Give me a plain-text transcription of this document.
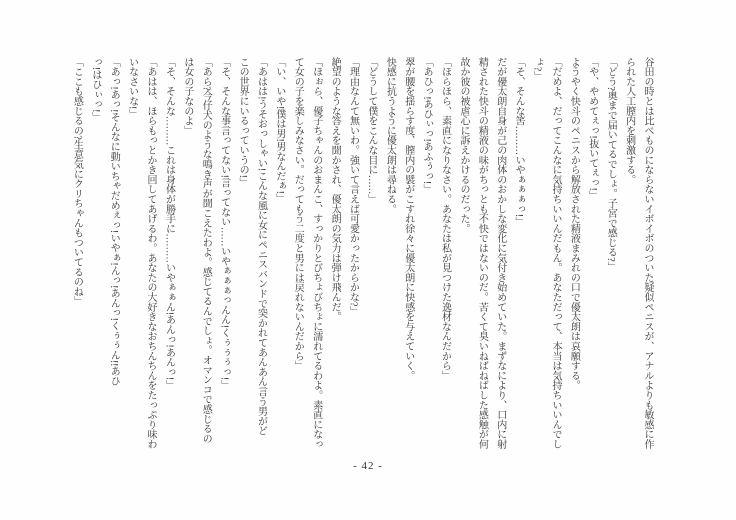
谷田の時とは比べものにならないイボイボのついた疑似ペニスが、アナルよりも敏感に作
られた人工膣内を刺激する。
「どう?奥まで届いてるでしょ。子宮で感じる?」
「や、やめてぇっ!抜いてぇっ!」
ようやく快斗のペニスから解放された精液まみれの口で優太朗は哀願する。
「だめよ、だってこんなに気持ちいいんだもん。あなただって、本当は気持ちいいんでし
ょ?」
「そ、そんな筈………いやぁぁぁっ!」
だが優太朗自身が己の肉体のおかしな変化に気付き始めていた。まずなにより、口内に射
精された快斗の精液の味がちっとも不快ではないのだ。苦くて臭いねばねばした感触が何
故か彼の被虐心に訴えかけるのだった。
「ほらほら、素直になりなさい。あなたは私が見つけた逸材なんだから」
「あひっ!あひぃっ!あふぅっ!」
翠が腰を揺らす度、膣内の襞がこすれ徐々に優太朗に快感を与えていく。
快感に抗うように優太朗は尋ねる。
「どうして僕をこんな目に……」
「理由なんて無いわ。強いて言えば可愛かったからかな?」
絶望のような答えを聞かされ、優太朗の気力は弾け飛んだ。
「ほぉら、優子ちゃんのおまんこ、すっかりとびちょびちょに濡れてるわよ。素直になっ
て女の子を楽しみなさい。だってもう二度と男には戻れないんだから」
「い、いや!僕は男!男なんだぁ!」
「あはは!うそおっしゃい!こんな風に女にペニスバンドで突かれてあんあん言う男がど
この世界にいるっていうの!」
「そ、そんな事言ってない!言ってない……いやぁぁぁっんん!くぅぅぅっ!」
「あら?今仔犬のような鳴き声が聞こえたわよ。感じてるんでしょ。オマンコで感じるの
は女の子なのよ」
「そ、そんな………これは身体が勝手に………いやぁぁん!あんっ!あんっ!」
「あはは、ほらもっとかき回してあげるわ。あなたの大好きなおちんちんをたっぷり味わ
いなさいな!」
「あっ!あっ!そんなに動いちゃだめぇっ!いやぁ!んっ!あんっ!くぅぅん!!あひ
っ!はひぃっ!」
「ここも感じるの?生意気にクリちゃんもついてるのね」
- 42 -
